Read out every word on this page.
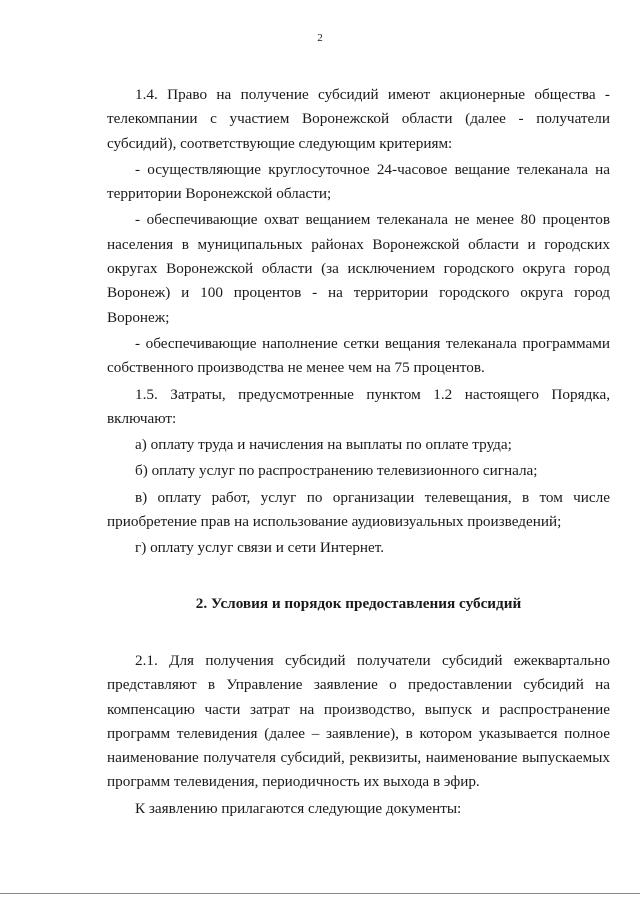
2

1.4. Право на получение субсидий имеют акционерные общества - телекомпании с участием Воронежской области (далее - получатели субсидий), соответствующие следующим критериям:

- осуществляющие круглосуточное 24-часовое вещание телеканала на территории Воронежской области;

- обеспечивающие охват вещанием телеканала не менее 80 процентов населения в муниципальных районах Воронежской области и городских округах Воронежской области (за исключением городского округа город Воронеж) и 100 процентов - на территории городского округа город Воронеж;

- обеспечивающие наполнение сетки вещания телеканала программами собственного производства не менее чем на 75 процентов.

1.5. Затраты, предусмотренные пунктом 1.2 настоящего Порядка, включают:

а) оплату труда и начисления на выплаты по оплате труда;

б) оплату услуг по распространению телевизионного сигнала;

в) оплату работ, услуг по организации телевещания, в том числе приобретение прав на использование аудиовизуальных произведений;

г) оплату услуг связи и сети Интернет.

2. Условия и порядок предоставления субсидий

2.1. Для получения субсидий получатели субсидий ежеквартально представляют в Управление заявление о предоставлении субсидий на компенсацию части затрат на производство, выпуск и распространение программ телевидения (далее – заявление), в котором указывается полное наименование получателя субсидий, реквизиты, наименование выпускаемых программ телевидения, периодичность их выхода в эфир.

К заявлению прилагаются следующие документы:
